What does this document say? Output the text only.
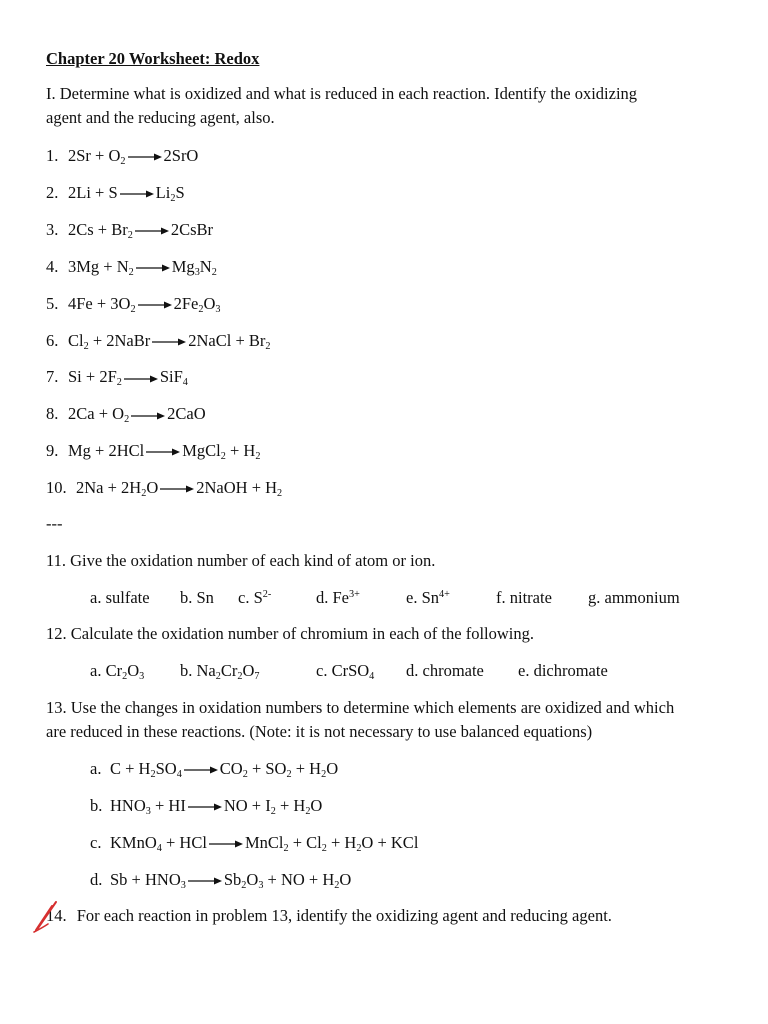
Chapter 20 Worksheet: Redox
I. Determine what is oxidized and what is reduced in each reaction. Identify the oxidizing
agent and the reducing agent, also.
1. $2Sr + O_2\to 2SrO$
2. $2Li + S\to Li_2S$
3. $2Cs + Br_2\to 2CsBr$
4. $3Mg + N_2\to Mg_3N_2$
5. $4Fe + 3O_2\to 2Fe_2O_3$
6. $Cl_2$ + 2NaBr→2NaCl + $Br_2$
7. $Si + 2F_2\to SiF_4$
8. $2Ca + O_2\to 2CaO$
9. Mg + 2HCl→MgCl$_2$ + $H_2$
10. $2Na + 2H_2O\to 2NaOH + H_2$
---
11. Give the oxidation number of each kind of atom or ion.
a. sulfate b. Sn c. $S^{2-}$	d. $Fe^{3+}$	e. $Sn^{4+}$	f. nitrate g. ammonium
12. Calculate the oxidation number of chromium in each of the following.
a. $Cr_2O_3$ b. $Na_2Cr_2O_7$	c. CrSO$_4$ d. chromate e. dichromate
13. Use the changes in oxidation numbers to determine which elements are oxidized and which
are reduced in these reactions. (Note: it is not necessary to use balanced equations)
a. $C + H_2SO_4\to CO_2 + SO_2 + H_2O$
b. $HNO_3 + HI\to NO + I_2 + H_2O$
c. KMnO$_4$ + HCl→MnCl$_2$ + $Cl_2 + H_2O$ + KCl
d. $Sb + HNO_3\to Sb_2O_3$ + NO + $H_2O$
14. For each reaction in problem 13, identify the oxidizing agent and reducing agent.
